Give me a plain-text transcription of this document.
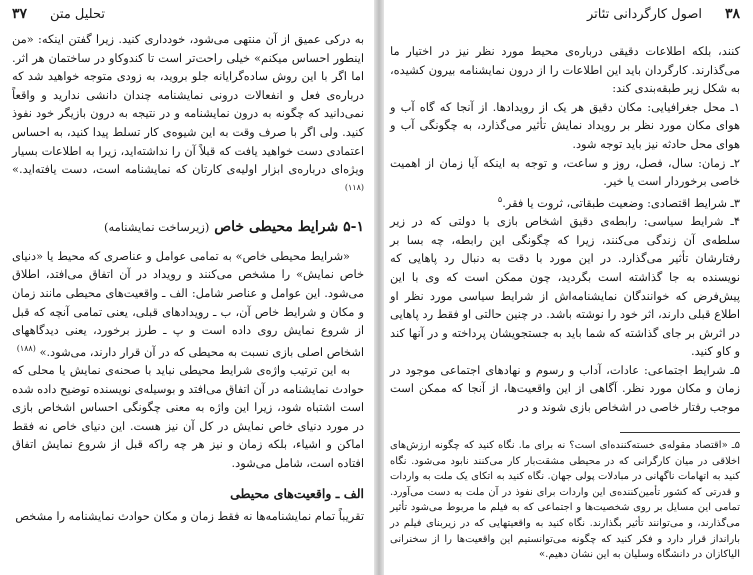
تحلیل متن
۳۷

به درکی عمیق از آن منتهی می‌شود، خودداری کنید. زیرا گفتن اینکه: «من اینطور احساس میکنم» خیلی راحت‌تر است تا کندوکاو در ساختمان هر اثر. اما اگر با این روش ساده‌گرایانه جلو بروید، به زودی متوجه خواهید شد که درباره‌ی فعل و انفعالات درونی نمایشنامه چندان دانشی ندارید و واقعاً نمی‌دانید که چگونه به درون نمایشنامه و در نتیجه به درون بازیگر خود نفوذ کنید. ولی اگر با صرف وقت به این شیوه‌ی کار تسلط پیدا کنید، به احساس اعتمادی دست خواهید یافت که قبلاً آن را نداشته‌اید، زیرا به اطلاعات بسیار ویژه‌ای درباره‌ی ابزار اولیه‌ی کارتان که نمایشنامه است، دست یافته‌اید.» $^{(۱۱۸)}$

۵-۱ شرایط محیطی خاص (زیرساخت نمایشنامه)

«شرایط محیطی خاص» به تمامی عوامل و عناصری که محیط یا «دنیای خاص نمایش» را مشخص می‌کنند و رویداد در آن اتفاق می‌افتد، اطلاق می‌شود. این عوامل و عناصر شامل: الف ـ واقعیت‌های محیطی مانند زمان و مکان و شرایط خاص آن، ب ـ رویدادهای قبلی، یعنی تمامی آنچه که قبل از شروع نمایش روی داده است و پ ـ طرز برخورد، یعنی دیدگاههای اشخاص اصلی بازی نسبت به محیطی که در آن قرار دارند، می‌شود.» $^{(۱۸۸)}$

به این ترتیب واژه‌ی شرایط محیطی نباید با صحنه‌ی نمایش یا محلی که حوادث نمایشنامه در آن اتفاق می‌افتد و بوسیله‌ی نویسنده توضیح داده شده است اشتباه شود، زیرا این واژه به معنی چگونگی احساس اشخاص بازی در مورد دنیای خاص نمایش در کل آن نیز هست. این دنیای خاص نه فقط اماکن و اشیاء، بلکه زمان و نیز هر چه راکه قبل از شروع نمایش اتفاق افتاده است، شامل می‌شود.

الف ـ واقعیت‌های محیطی

تقریباً تمام نمایشنامه‌ها نه فقط زمان و مکان حوادث نمایشنامه را مشخص

۳۸
اصول کارگردانی تئاتر

کنند، بلکه اطلاعات دقیقی درباره‌ی محیط مورد نظر نیز در اختیار ما می‌گذارند. کارگردان باید این اطلاعات را از درون نمایشنامه بیرون کشیده، به شکل زیر طبقه‌بندی کند:

۱ـ محل جغرافیایی: مکان دقیق هر یک از رویدادها. از آنجا که گاه آب و هوای مکان مورد نظر بر رویداد نمایش تأثیر می‌گذارد، به چگونگی آب و هوای محل حادثه نیز باید توجه شود.

۲ـ زمان: سال، فصل، روز و ساعت، و توجه به اینکه آیا زمان از اهمیت خاصی برخوردار است یا خیر.

۳ـ شرایط اقتصادی: وضعیت طبقاتی، ثروت یا فقر.$^۵$

۴ـ شرایط سیاسی: رابطه‌ی دقیق اشخاص بازی با دولتی که در زیر سلطه‌ی آن زندگی می‌کنند، زیرا که چگونگی این رابطه، چه بسا بر رفتارشان تأثیر می‌گذارد. در این مورد با دقت به دنبال رد پاهایی که نویسنده به جا گذاشته است بگردید، چون ممکن است که وی با این پیش‌فرض که خوانندگان نمایشنامه‌اش از شرایط سیاسی مورد نظر او اطلاع قبلی دارند، اثر خود را نوشته باشد. در چنین حالتی او فقط رد پاهایی در اثرش بر جای گذاشته که شما باید به جستجویشان پرداخته و در آنها کند و کاو کنید.

۵ـ شرایط اجتماعی: عادات، آداب و رسوم و نهادهای اجتماعی موجود در زمان و مکان مورد نظر. آگاهی از این واقعیت‌ها، از آنجا که ممکن است موجب رفتار خاصی در اشخاص بازی شوند و در

۵ـ «اقتصاد مقوله‌ی خسته‌کننده‌ای است؟ نه برای ما. نگاه کنید که چگونه ارزش‌های اخلاقی در میان کارگرانی که در محیطی مشقت‌بار کار می‌کنند نابود می‌شود. نگاه کنید به اتهامات ناگهانی در مبادلات پولی جهان. نگاه کنید به اتکای یک ملت به واردات و قدرتی که کشور تأمین‌کننده‌ی این واردات برای نفوذ در آن ملت به دست می‌آورد. تمامی این مسایل بر روی شخصیت‌ها و اجتماعی که به فیلم ما مربوط می‌شود تأثیر می‌گذارند، و می‌توانند تأثیر بگذارند. نگاه کنید به واقعیتهایی که در زیربنای فیلم در بارانداز قرار دارد و فکر کنید که چگونه می‌توانستیم این واقعیت‌ها را از سخنرانی الیاکازان در دانشگاه وسلیان به این نشان دهیم.»
